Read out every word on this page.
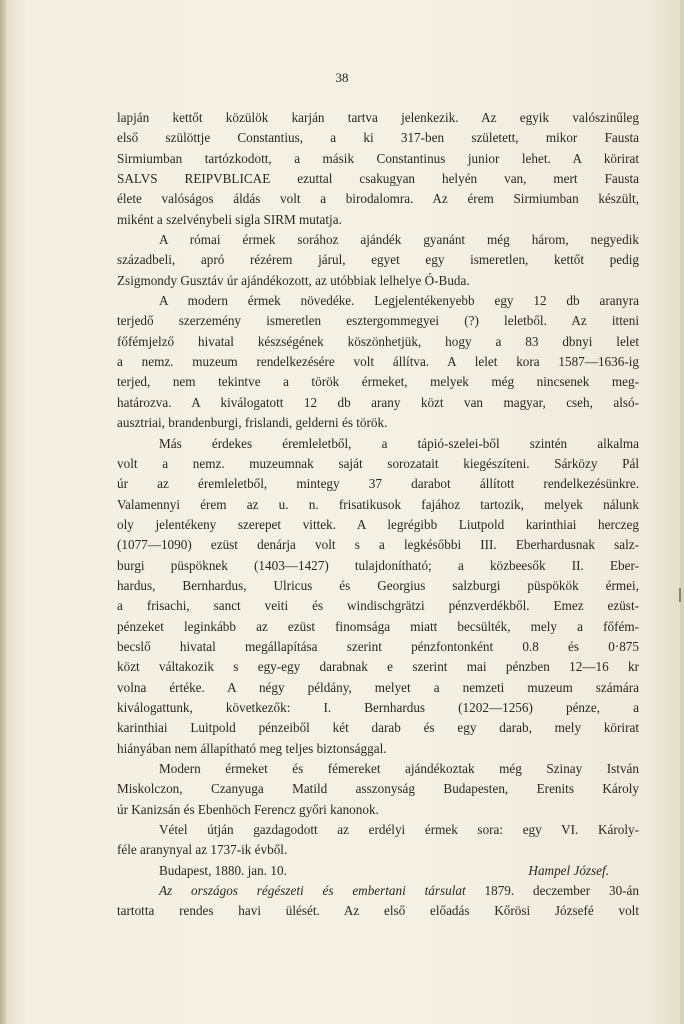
38
lapján kettőt közülök karján tartva jelenkezik. Az egyik valószinűleg
első szülöttje Constantius, a ki 317-ben született, mikor Fausta
Sirmiumban tartózkodott, a másik Constantinus junior lehet. A körirat
SALVS REIPVBLICAE ezuttal csakugyan helyén van, mert Fausta
élete valóságos áldás volt a birodalomra. Az érem Sirmiumban készült,
miként a szelvénybeli sigla SIRM mutatja.
A római érmek sorához ajándék gyanánt még három, negyedik
századbeli, apró rézérem járul, egyet egy ismeretlen, kettőt pedig
Zsigmondy Gusztáv úr ajándékozott, az utóbbiak lelhelye Ó-Buda.
A modern érmek növedéke. Legjelentékenyebb egy 12 db aranyra
terjedő szerzemény ismeretlen esztergommegyei (?) leletből. Az itteni
főfémjelző hivatal készségének köszönhetjük, hogy a 83 dbnyi lelet
a nemz. muzeum rendelkezésére volt állítva. A lelet kora 1587—1636-ig
terjed, nem tekintve a török érmeket, melyek még nincsenek meg-
határozva. A kiválogatott 12 db arany közt van magyar, cseh, alsó-
ausztriai, brandenburgi, frislandi, gelderni és török.
Más érdekes éremleletből, a tápió-szelei-ből szintén alkalma
volt a nemz. muzeumnak saját sorozatait kiegészíteni. Sárközy Pál
úr az éremleletből, mintegy 37 darabot állított rendelkezésünkre.
Valamennyi érem az u. n. frisatikusok fajához tartozik, melyek nálunk
oly jelentékeny szerepet vittek. A legrégibb Liutpold karinthiai herczeg
(1077—1090) ezüst denárja volt s a legkésőbbi III. Eberhardusnak salz-
burgi püspöknek (1403—1427) tulajdonítható; a közbeesők II. Eber-
hardus, Bernhardus, Ulricus és Georgius salzburgi püspökök érmei,
a frisachi, sanct veiti és windischgrätzi pénzverdékből. Emez ezüst-
pénzeket leginkább az ezüst finomsága miatt becsülték, mely a főfém-
becslő hivatal megállapítása szerint pénzfontonként 0.8 és 0·875
közt váltakozik s egy-egy darabnak e szerint mai pénzben 12—16 kr
volna értéke. A négy példány, melyet a nemzeti muzeum számára
kiválogattunk, következők: I. Bernhardus (1202—1256) pénze, a
karinthiai Luitpold pénzeiből két darab és egy darab, mely körirat
hiányában nem állapítható meg teljes biztonsággal.
Modern érmeket és fémereket ajándékoztak még Szinay István
Miskolczon, Czanyuga Matild asszonyság Budapesten, Erenits Károly
úr Kanizsán és Ebenhöch Ferencz győri kanonok.
Vétel útján gazdagodott az erdélyi érmek sora: egy VI. Károly-
féle aranynyal az 1737-ik évből.
Budapest, 1880. jan. 10.	Hampel József.
Az országos régészeti és embertani társulat 1879. deczember 30-án
tartotta rendes havi ülését. Az első előadás Kőrösi Józsefé volt
